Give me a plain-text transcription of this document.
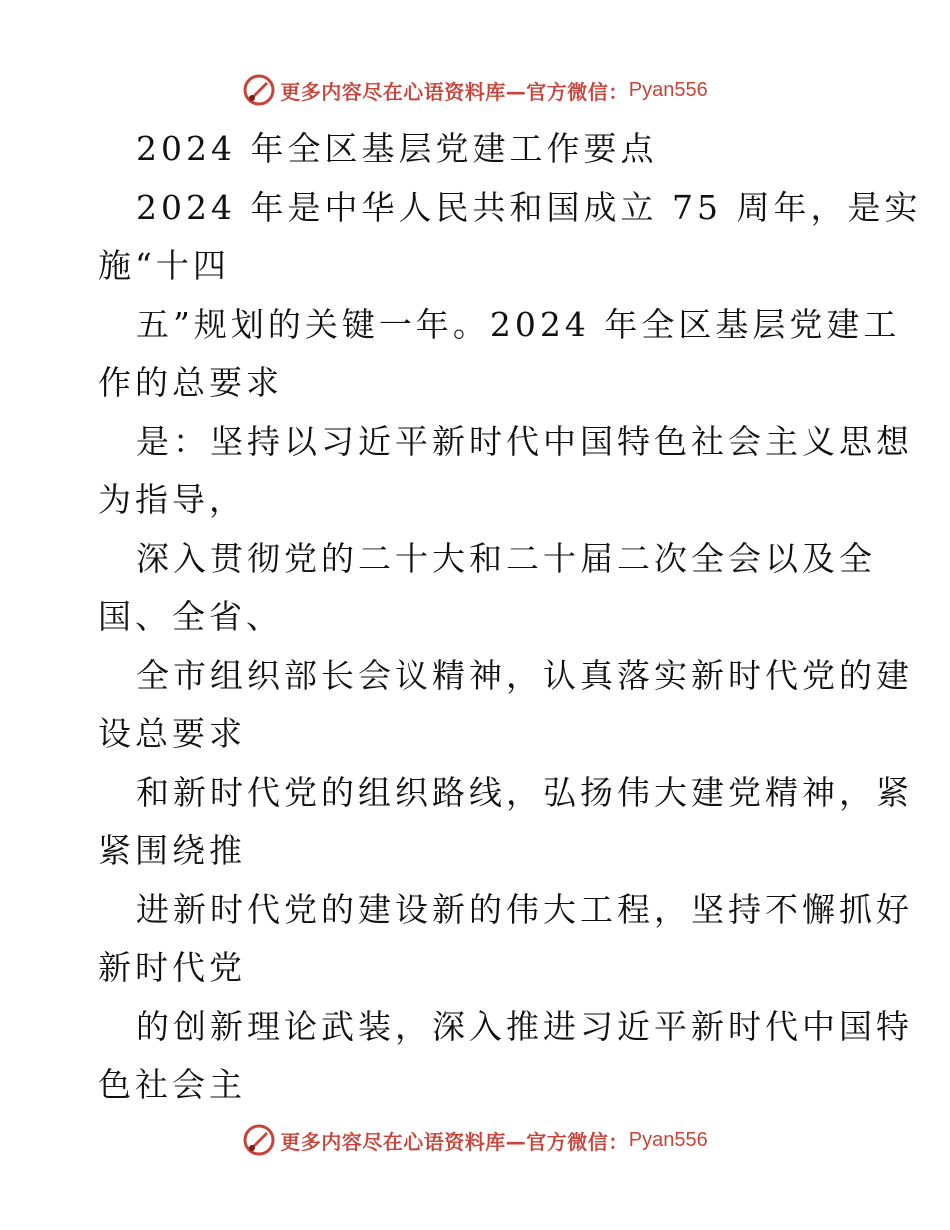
更多内容尽在心语资料库—官方微信： Pyan556
2024 年全区基层党建工作要点
2024 年是中华人民共和国成立 75 周年，是实
施“十四
五”规划的关键一年。2024 年全区基层党建工
作的总要求
是：坚持以习近平新时代中国特色社会主义思想
为指导，
深入贯彻党的二十大和二十届二次全会以及全
国、全省、
全市组织部长会议精神，认真落实新时代党的建
设总要求
和新时代党的组织路线，弘扬伟大建党精神，紧
紧围绕推
进新时代党的建设新的伟大工程，坚持不懈抓好
新时代党
的创新理论武装，深入推进习近平新时代中国特
色社会主
更多内容尽在心语资料库—官方微信： Pyan556
